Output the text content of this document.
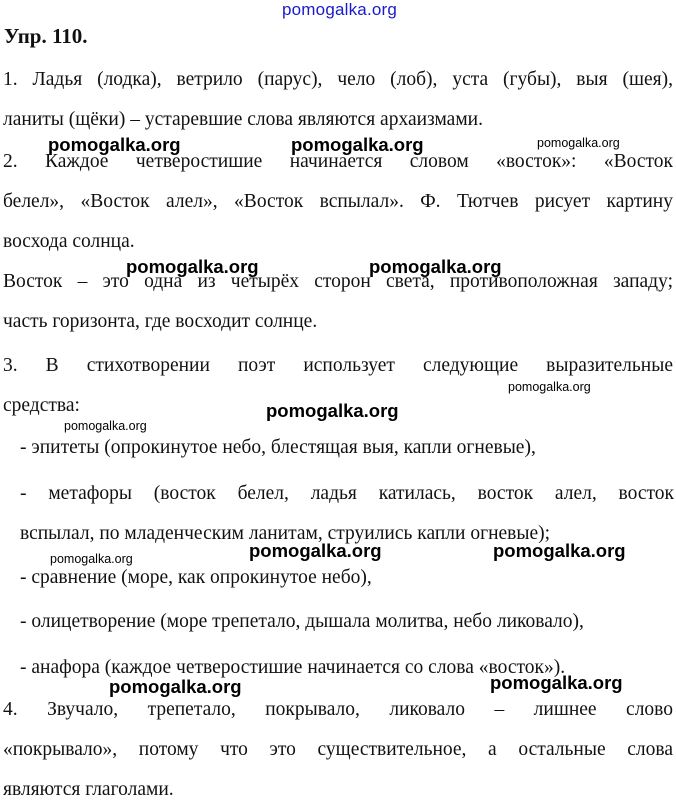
pomogalka.org
Упр. 110.
1. Ладья (лодка), ветрило (парус), чело (лоб), уста (губы), выя (шея),
ланиты (щёки) – устаревшие слова являются архаизмами.
2. Каждое четверостишие начинается словом «восток»: «Восток
белел», «Восток алел», «Восток вспылал». Ф. Тютчев рисует картину
восхода солнца.
Восток – это одна из четырёх сторон света, противоположная западу;
часть горизонта, где восходит солнце.
3. В стихотворении поэт использует следующие выразительные
средства:
- эпитеты (опрокинутое небо, блестящая выя, капли огневые),
- метафоры (восток белел, ладья катилась, восток алел, восток
вспылал, по младенческим ланитам, струились капли огневые);
- сравнение (море, как опрокинутое небо),
- олицетворение (море трепетало, дышала молитва, небо ликовало),
- анафора (каждое четверостишие начинается со слова «восток»).
4. Звучало, трепетало, покрывало, ликовало – лишнее слово
«покрывало», потому что это существительное, а остальные слова
являются глаголами.
pomogalka.org	pomogalka.org	pomogalka.org
pomogalka.org	pomogalka.org
pomogalka.org
pomogalka.org
pomogalka.org
pomogalka.org	pomogalka.org
pomogalka.org
pomogalka.org	pomogalka.org
